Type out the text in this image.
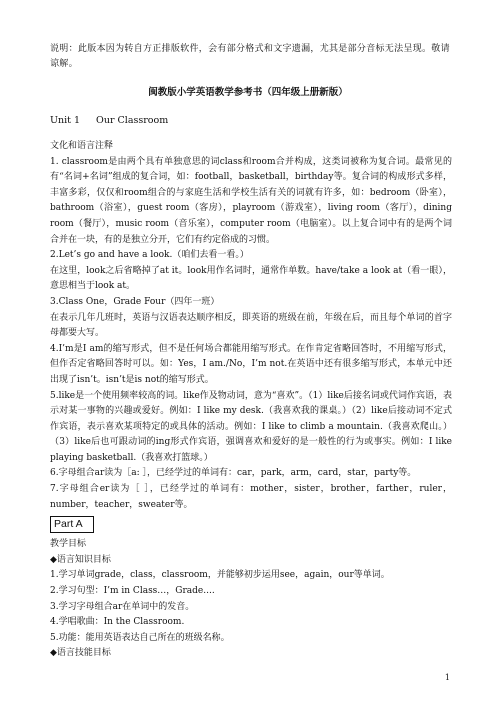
说明：此版本因为转自方正排版软件，会有部分格式和文字遗漏，尤其是部分音标无法呈现。敬请谅解。
闽教版小学英语教学参考书（四年级上册新版）
Unit 1 Our Classroom

文化和语言注释

1. classroom是由两个具有单独意思的词class和room合并构成，这类词被称为复合词。最常见的有“名词+名词”组成的复合词，如：football，basketball，birthday等。复合词的构成形式多样，丰富多彩，仅仅和room组合的与家庭生活和学校生活有关的词就有许多，如：bedroom（卧室），bathroom（浴室），guest room（客房），playroom（游戏室），living room（客厅），dining room（餐厅），music room（音乐室），computer room（电脑室）。以上复合词中有的是两个词合并在一块，有的是独立分开，它们有约定俗成的习惯。

2.Let’s go and have a look.（咱们去看一看。）

在这里，look之后省略掉了at it。look用作名词时，通常作单数。have/take a look at（看一眼），意思相当于look at。

3.Class One，Grade Four（四年一班）

在表示几年几班时，英语与汉语表达顺序相反，即英语的班级在前，年级在后，而且每个单词的首字母都要大写。

4.I’m是I am的缩写形式，但不是任何场合都能用缩写形式。在作肯定省略回答时，不用缩写形式，但作否定省略回答时可以。如：Yes，I am./No，I’m not.在英语中还有很多缩写形式，本单元中还出现了isn’t。isn’t是is not的缩写形式。

5.like是一个使用频率较高的词。like作及物动词，意为“喜欢”。（1）like后接名词或代词作宾语，表示对某一事物的兴趣或爱好。例如：I like my desk.（我喜欢我的课桌。）（2）like后接动词不定式作宾语，表示喜欢某项特定的或具体的活动。例如：I like to climb a mountain.（我喜欢爬山。）（3）like后也可跟动词的ing形式作宾语，强调喜欢和爱好的是一般性的行为或事实。例如：I like playing basketball.（我喜欢打篮球。）

6.字母组合ar读为［a: ］，已经学过的单词有：car，park，arm，card，star，party等。

7.字母组合er读为［ ］，已经学过的单词有：mother，sister，brother，farther，ruler，number，teacher，sweater等。

Part A

教学目标

◆语言知识目标

1.学习单词grade，class，classroom，并能够初步运用see，again，our等单词。

2.学习句型：I’m in Class…，Grade....

3.学习字母组合ar在单词中的发音。

4.学唱歌曲：In the Classroom.

5.功能：能用英语表达自己所在的班级名称。

◆语言技能目标

1
